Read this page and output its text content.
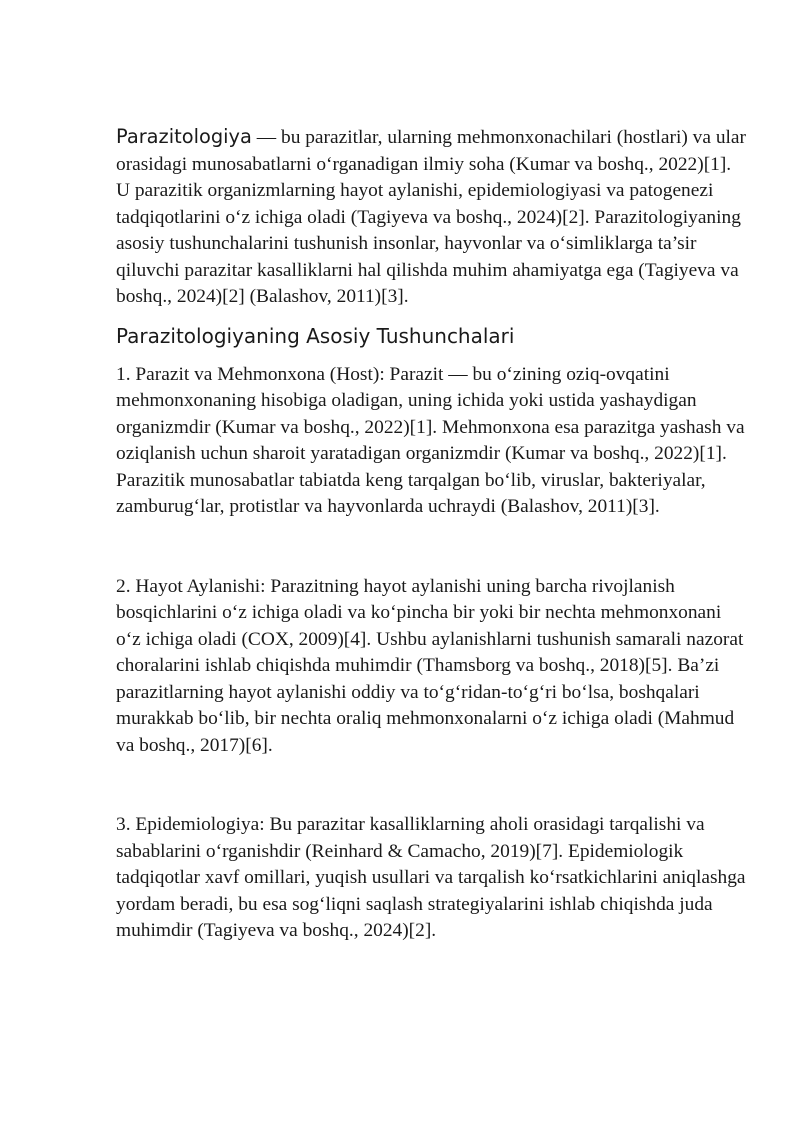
Parazitologiya — bu parazitlar, ularning mehmonxonachilari (hostlari) va ular orasidagi munosabatlarni o‘rganadigan ilmiy soha (Kumar va boshq., 2022)[1]. U parazitik organizmlarning hayot aylanishi, epidemiologiyasi va patogenezi tadqiqotlarini o‘z ichiga oladi (Tagiyeva va boshq., 2024)[2]. Parazitologiyaning asosiy tushunchalarini tushunish insonlar, hayvonlar va o‘simliklarga ta’sir qiluvchi parazitar kasalliklarni hal qilishda muhim ahamiyatga ega (Tagiyeva va boshq., 2024)[2] (Balashov, 2011)[3].

Parazitologiyaning Asosiy Tushunchalari

1. Parazit va Mehmonxona (Host): Parazit — bu o‘zining oziq-ovqatini mehmonxonaning hisobiga oladigan, uning ichida yoki ustida yashaydigan organizmdir (Kumar va boshq., 2022)[1]. Mehmonxona esa parazitga yashash va oziqlanish uchun sharoit yaratadigan organizmdir (Kumar va boshq., 2022)[1]. Parazitik munosabatlar tabiatda keng tarqalgan bo‘lib, viruslar, bakteriyalar, zamburug‘lar, protistlar va hayvonlarda uchraydi (Balashov, 2011)[3].

2. Hayot Aylanishi: Parazitning hayot aylanishi uning barcha rivojlanish bosqichlarini o‘z ichiga oladi va ko‘pincha bir yoki bir nechta mehmonxonani o‘z ichiga oladi (COX, 2009)[4]. Ushbu aylanishlarni tushunish samarali nazorat choralarini ishlab chiqishda muhimdir (Thamsborg va boshq., 2018)[5]. Ba’zi parazitlarning hayot aylanishi oddiy va to‘g‘ridan-to‘g‘ri bo‘lsa, boshqalari murakkab bo‘lib, bir nechta oraliq mehmonxonalarni o‘z ichiga oladi (Mahmud va boshq., 2017)[6].

3. Epidemiologiya: Bu parazitar kasalliklarning aholi orasidagi tarqalishi va sabablarini o‘rganishdir (Reinhard & Camacho, 2019)[7]. Epidemiologik tadqiqotlar xavf omillari, yuqish usullari va tarqalish ko‘rsatkichlarini aniqlashga yordam beradi, bu esa sog‘liqni saqlash strategiyalarini ishlab chiqishda juda muhimdir (Tagiyeva va boshq., 2024)[2].
